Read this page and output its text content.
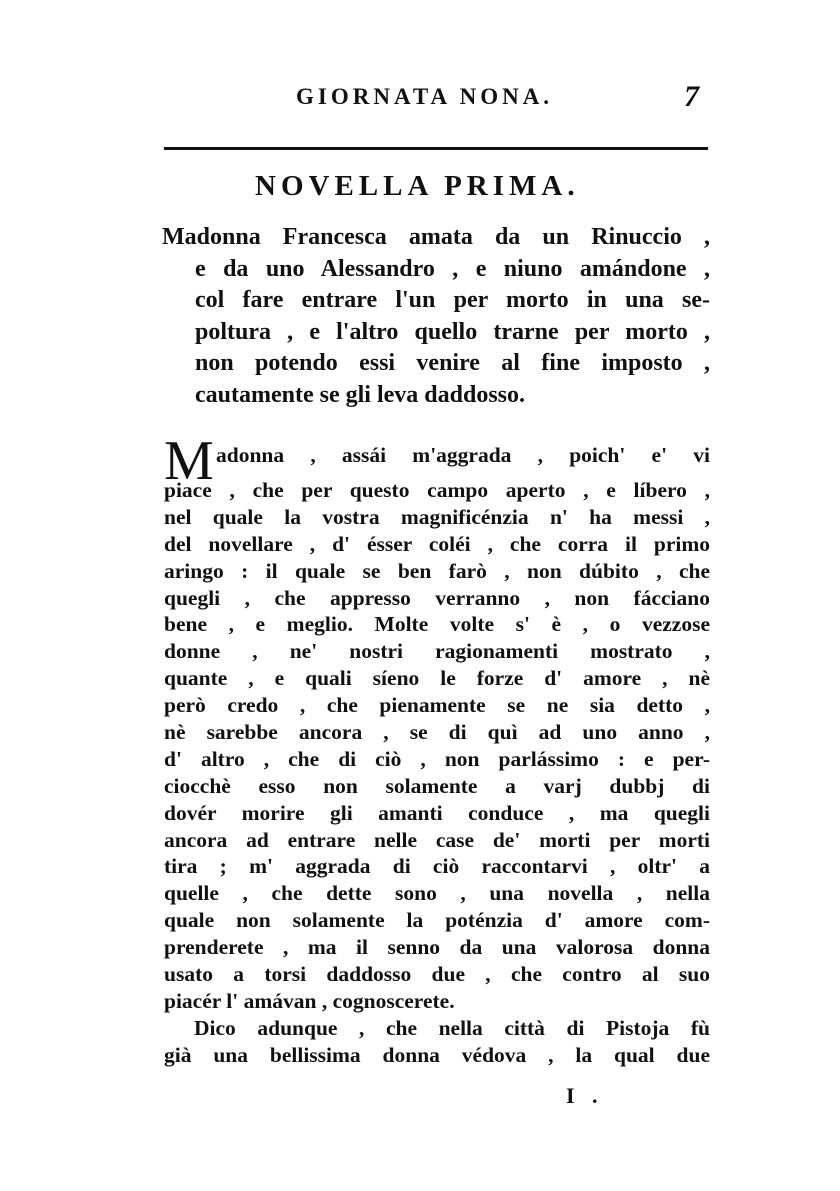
GIORNATA NONA.	7
NOVELLA PRIMA.
Madonna Francesca amata da un Rinuccio ,
e da uno Alessandro , e niuno amándone ,
col fare entrare l'un per morto in una se-
poltura , e l'altro quello trarne per morto ,
non potendo essi venire al fine imposto ,
cautamente se gli leva daddosso.
M adonna , assái m'aggrada , poich' e' vi
piace , che per questo campo aperto , e líbero ,
nel quale la vostra magnificénzia n' ha messi ,
del novellare , d' ésser coléi , che corra il primo
aringo : il quale se ben farò , non dúbito , che
quegli , che appresso verranno , non fácciano
bene , e meglio. Molte volte s' è , o vezzose
donne , ne' nostri ragionamenti mostrato ,
quante , e quali síeno le forze d' amore , nè
però credo , che pienamente se ne sia detto ,
nè sarebbe ancora , se di quì ad uno anno ,
d' altro , che di ciò , non parlássimo : e per-
ciocchè esso non solamente a varj dubbj di
dovér morire gli amanti conduce , ma quegli
ancora ad entrare nelle case de' morti per morti
tira ; m' aggrada di ciò raccontarvi , oltr' a
quelle , che dette sono , una novella , nella
quale non solamente la poténzia d' amore com-
prenderete , ma il senno da una valorosa donna
usato a torsi daddosso due , che contro al suo
piacér l' amávan , cognoscerete.
Dico adunque , che nella città di Pistoja fù
già una bellissima donna védova , la qual due
I .
